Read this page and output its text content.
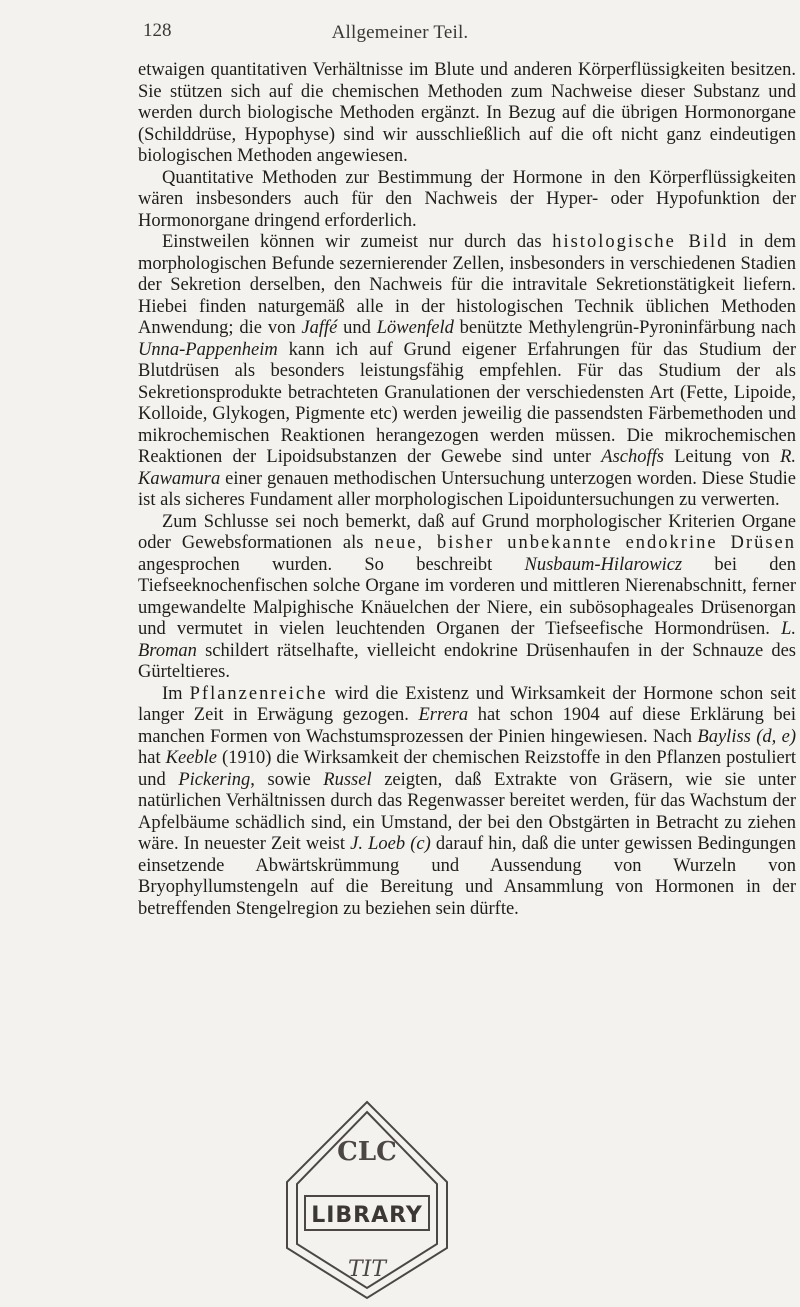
128	Allgemeiner Teil.

etwaigen quantitativen Verhältnisse im Blute und anderen Körperflüssigkeiten besitzen. Sie stützen sich auf die chemischen Methoden zum Nachweise dieser Substanz und werden durch biologische Methoden ergänzt. In Bezug auf die übrigen Hormonorgane (Schilddrüse, Hypophyse) sind wir ausschließlich auf die oft nicht ganz eindeutigen biologischen Methoden angewiesen.

Quantitative Methoden zur Bestimmung der Hormone in den Körperflüssigkeiten wären insbesonders auch für den Nachweis der Hyper- oder Hypofunktion der Hormonorgane dringend erforderlich.

Einstweilen können wir zumeist nur durch das histologische Bild in dem morphologischen Befunde sezernierender Zellen, insbesonders in verschiedenen Stadien der Sekretion derselben, den Nachweis für die intravitale Sekretionstätigkeit liefern. Hiebei finden naturgemäß alle in der histologischen Technik üblichen Methoden Anwendung; die von Jaffé und Löwenfeld benützte Methylengrün-Pyroninfärbung nach Unna-Pappenheim kann ich auf Grund eigener Erfahrungen für das Studium der Blutdrüsen als besonders leistungsfähig empfehlen. Für das Studium der als Sekretionsprodukte betrachteten Granulationen der verschiedensten Art (Fette, Lipoide, Kolloide, Glykogen, Pigmente etc) werden jeweilig die passendsten Färbemethoden und mikrochemischen Reaktionen herangezogen werden müssen. Die mikrochemischen Reaktionen der Lipoidsubstanzen der Gewebe sind unter Aschoffs Leitung von R. Kawamura einer genauen methodischen Untersuchung unterzogen worden. Diese Studie ist als sicheres Fundament aller morphologischen Lipoiduntersuchungen zu verwerten.

Zum Schlusse sei noch bemerkt, daß auf Grund morphologischer Kriterien Organe oder Gewebsformationen als neue, bisher unbekannte endokrine Drüsen angesprochen wurden. So beschreibt Nusbaum-Hilarowicz bei den Tiefseeknochenfischen solche Organe im vorderen und mittleren Nierenabschnitt, ferner umgewandelte Malpighische Knäuelchen der Niere, ein subösophageales Drüsenorgan und vermutet in vielen leuchtenden Organen der Tiefseefische Hormondrüsen. L. Broman schildert rätselhafte, vielleicht endokrine Drüsenhaufen in der Schnauze des Gürteltieres.

Im Pflanzenreiche wird die Existenz und Wirksamkeit der Hormone schon seit langer Zeit in Erwägung gezogen. Errera hat schon 1904 auf diese Erklärung bei manchen Formen von Wachstumsprozessen der Pinien hingewiesen. Nach Bayliss (d, e) hat Keeble (1910) die Wirksamkeit der chemischen Reizstoffe in den Pflanzen postuliert und Pickering, sowie Russel zeigten, daß Extrakte von Gräsern, wie sie unter natürlichen Verhältnissen durch das Regenwasser bereitet werden, für das Wachstum der Apfelbäume schädlich sind, ein Umstand, der bei den Obstgärten in Betracht zu ziehen wäre. In neuester Zeit weist J. Loeb (c) darauf hin, daß die unter gewissen Bedingungen einsetzende Abwärtskrümmung und Aussendung von Wurzeln von Bryophyllumstengeln auf die Bereitung und Ansammlung von Hormonen in der betreffenden Stengelregion zu beziehen sein dürfte.

CLC
LIBRARY
TIT
